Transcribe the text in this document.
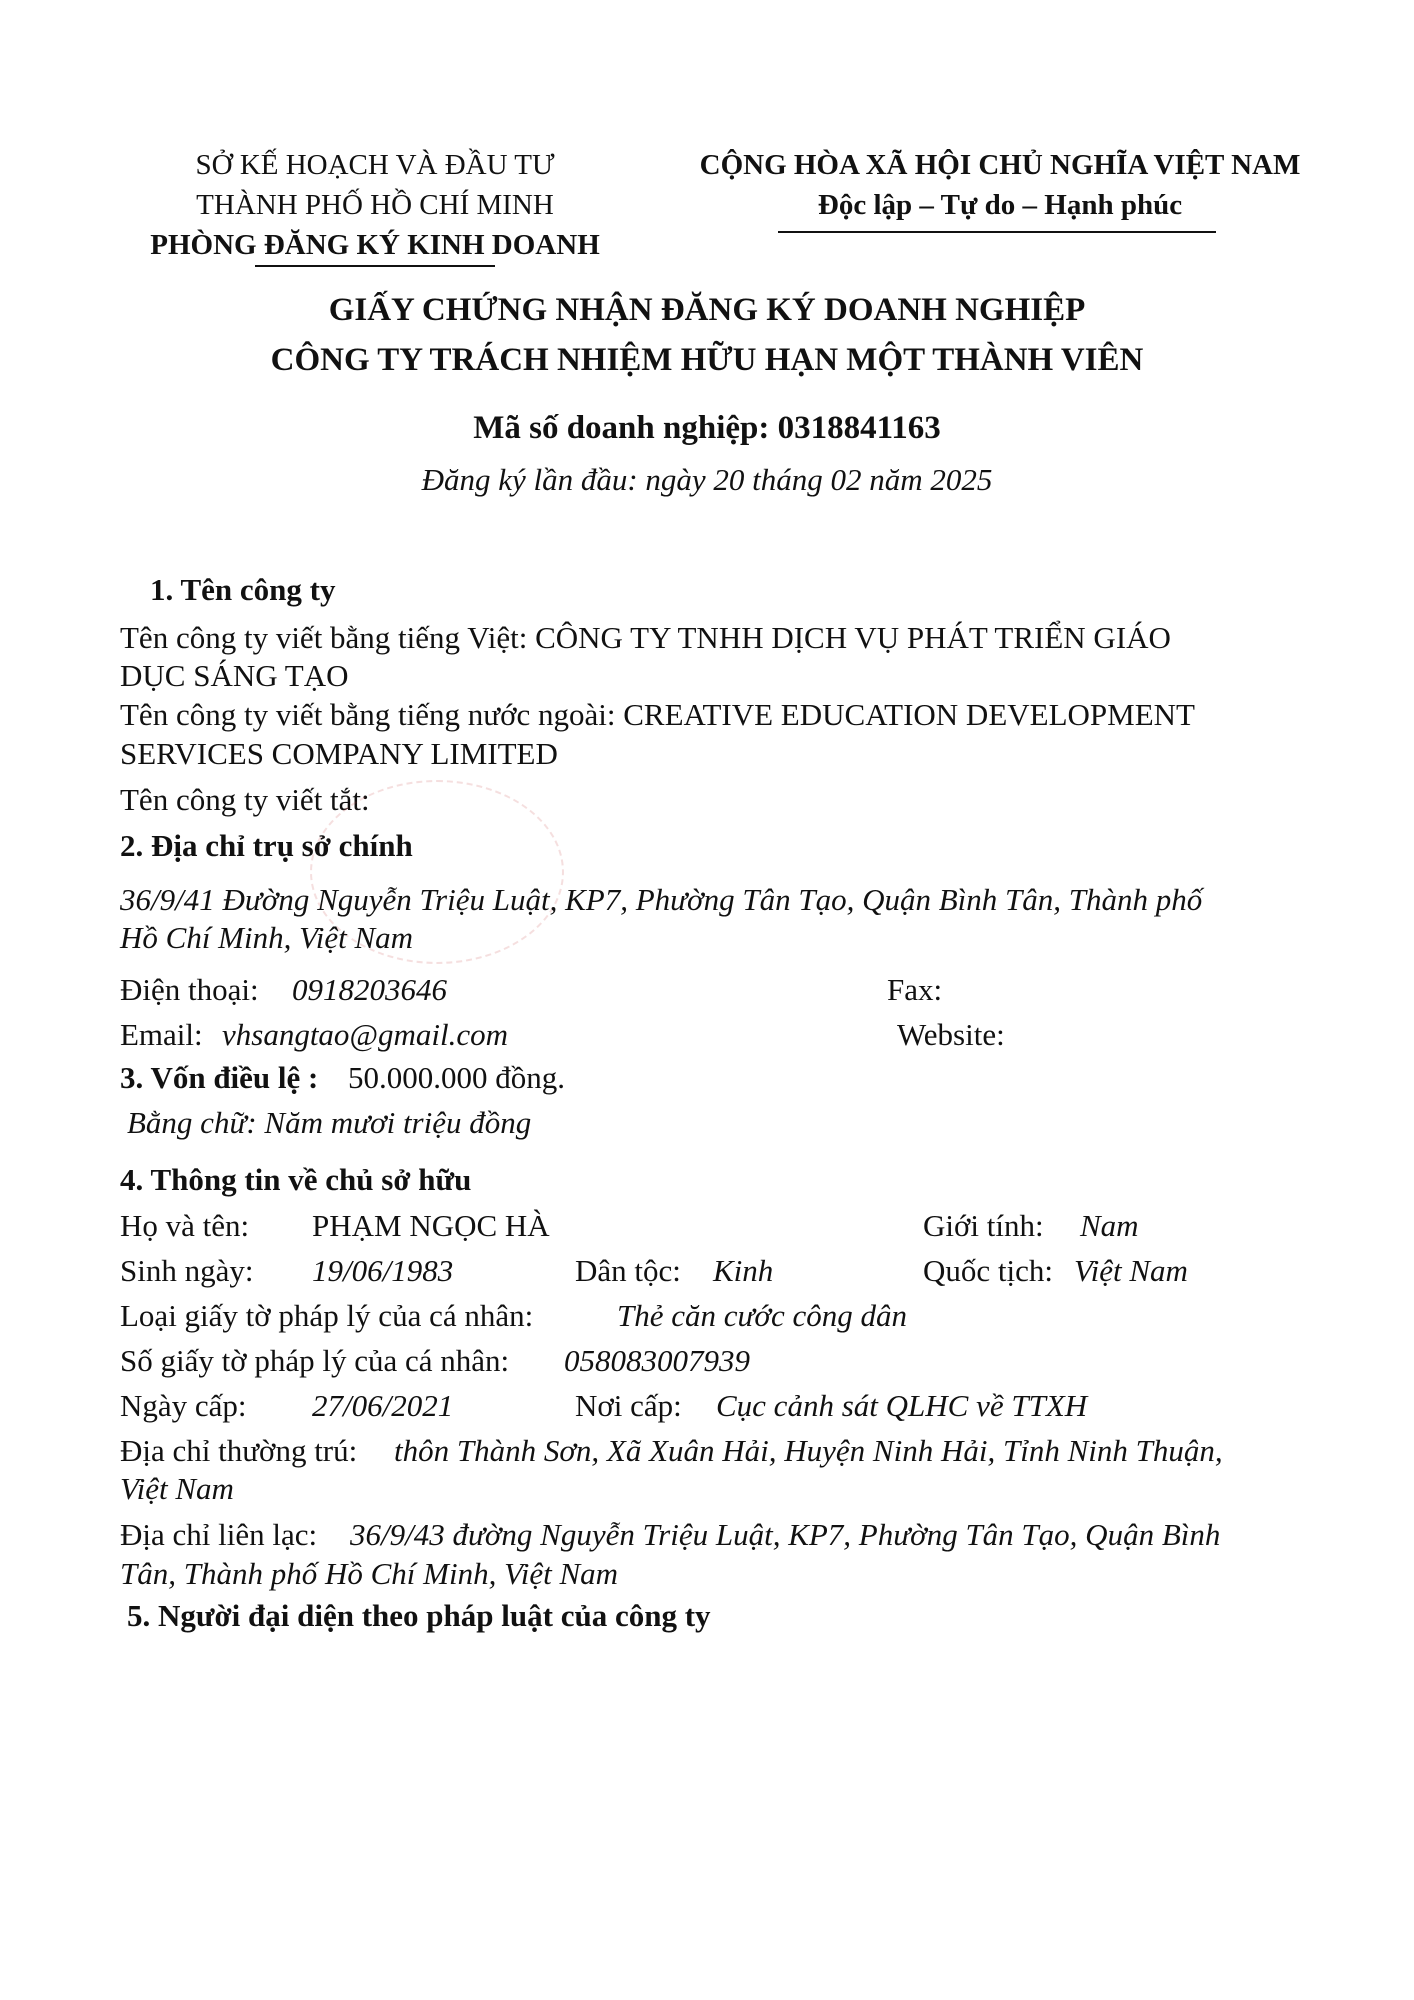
SỞ KẾ HOẠCH VÀ ĐẦU TƯ
THÀNH PHỐ HỒ CHÍ MINH
PHÒNG ĐĂNG KÝ KINH DOANH
CỘNG HÒA XÃ HỘI CHỦ NGHĨA VIỆT NAM
Độc lập – Tự do – Hạnh phúc
GIẤY CHỨNG NHẬN ĐĂNG KÝ DOANH NGHIỆP
CÔNG TY TRÁCH NHIỆM HỮU HẠN MỘT THÀNH VIÊN
Mã số doanh nghiệp: 0318841163
Đăng ký lần đầu: ngày 20 tháng 02 năm 2025
1. Tên công ty
Tên công ty viết bằng tiếng Việt: CÔNG TY TNHH DỊCH VỤ PHÁT TRIỂN GIÁO
DỤC SÁNG TẠO
Tên công ty viết bằng tiếng nước ngoài: CREATIVE EDUCATION DEVELOPMENT
SERVICES COMPANY LIMITED
Tên công ty viết tắt:
2. Địa chỉ trụ sở chính
36/9/41 Đường Nguyễn Triệu Luật, KP7, Phường Tân Tạo, Quận Bình Tân, Thành phố
Hồ Chí Minh, Việt Nam
Điện thoại: 0918203646	Fax:
Email: vhsangtao@gmail.com	Website:
3. Vốn điều lệ : 50.000.000 đồng.
Bằng chữ: Năm mươi triệu đồng
4. Thông tin về chủ sở hữu
Họ và tên: PHẠM NGỌC HÀ	Giới tính: Nam
Sinh ngày: 19/06/1983	Dân tộc: Kinh	Quốc tịch: Việt Nam
Loại giấy tờ pháp lý của cá nhân:	Thẻ căn cước công dân
Số giấy tờ pháp lý của cá nhân: 058083007939
Ngày cấp: 27/06/2021	Nơi cấp: Cục cảnh sát QLHC về TTXH
Địa chỉ thường trú: thôn Thành Sơn, Xã Xuân Hải, Huyện Ninh Hải, Tỉnh Ninh Thuận,
Việt Nam
Địa chỉ liên lạc: 36/9/43 đường Nguyễn Triệu Luật, KP7, Phường Tân Tạo, Quận Bình
Tân, Thành phố Hồ Chí Minh, Việt Nam
5. Người đại diện theo pháp luật của công ty
